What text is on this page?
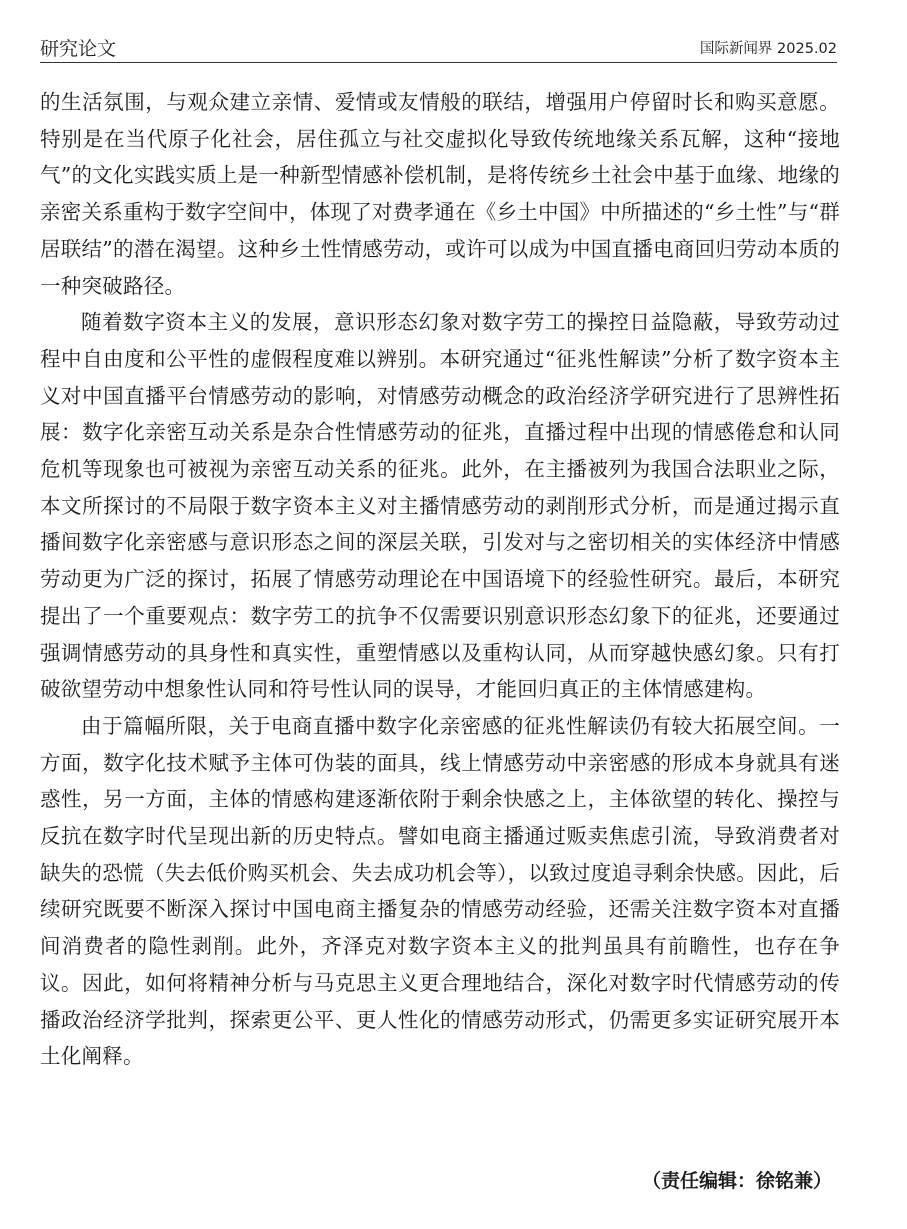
研究论文	国际新闻界 2025.02

的生活氛围，与观众建立亲情、爱情或友情般的联结，增强用户停留时长和购买意愿。特别是在当代原子化社会，居住孤立与社交虚拟化导致传统地缘关系瓦解，这种“接地气”的文化实践实质上是一种新型情感补偿机制，是将传统乡土社会中基于血缘、地缘的亲密关系重构于数字空间中，体现了对费孝通在《乡土中国》中所描述的“乡土性”与“群居联结”的潜在渴望。这种乡土性情感劳动，或许可以成为中国直播电商回归劳动本质的一种突破路径。

随着数字资本主义的发展，意识形态幻象对数字劳工的操控日益隐蔽，导致劳动过程中自由度和公平性的虚假程度难以辨别。本研究通过“征兆性解读”分析了数字资本主义对中国直播平台情感劳动的影响，对情感劳动概念的政治经济学研究进行了思辨性拓展：数字化亲密互动关系是杂合性情感劳动的征兆，直播过程中出现的情感倦怠和认同危机等现象也可被视为亲密互动关系的征兆。此外，在主播被列为我国合法职业之际，本文所探讨的不局限于数字资本主义对主播情感劳动的剥削形式分析，而是通过揭示直播间数字化亲密感与意识形态之间的深层关联，引发对与之密切相关的实体经济中情感劳动更为广泛的探讨，拓展了情感劳动理论在中国语境下的经验性研究。最后，本研究提出了一个重要观点：数字劳工的抗争不仅需要识别意识形态幻象下的征兆，还要通过强调情感劳动的具身性和真实性，重塑情感以及重构认同，从而穿越快感幻象。只有打破欲望劳动中想象性认同和符号性认同的误导，才能回归真正的主体情感建构。

由于篇幅所限，关于电商直播中数字化亲密感的征兆性解读仍有较大拓展空间。一方面，数字化技术赋予主体可伪装的面具，线上情感劳动中亲密感的形成本身就具有迷惑性，另一方面，主体的情感构建逐渐依附于剩余快感之上，主体欲望的转化、操控与反抗在数字时代呈现出新的历史特点。譬如电商主播通过贩卖焦虑引流，导致消费者对缺失的恐慌（失去低价购买机会、失去成功机会等），以致过度追寻剩余快感。因此，后续研究既要不断深入探讨中国电商主播复杂的情感劳动经验，还需关注数字资本对直播间消费者的隐性剥削。此外，齐泽克对数字资本主义的批判虽具有前瞻性，也存在争议。因此，如何将精神分析与马克思主义更合理地结合，深化对数字时代情感劳动的传播政治经济学批判，探索更公平、更人性化的情感劳动形式，仍需更多实证研究展开本土化阐释。

（责任编辑：徐铭兼）
